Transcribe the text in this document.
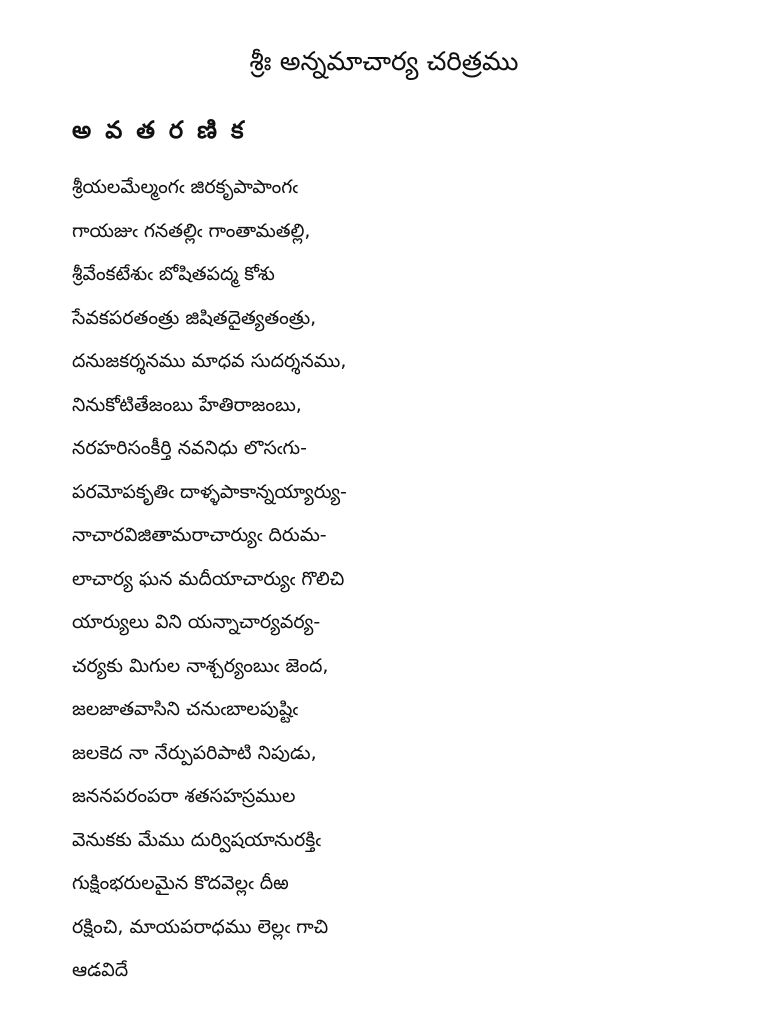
శ్రీః అన్నమాచార్య చరిత్రము
అవతరణిక
శ్రీయలమేల్మంగఁ జిరకృపాపాంగఁ
గాయజుఁ గనతల్లిఁ గాంతామతల్లి,
శ్రీవేంకటేశుఁ బోషితపద్మ కోశు
సేవకపరతంత్రు జిషితదైత్యతంత్రు,
దనుజకర్శనము మాధవ సుదర్శనము,
నినుకోటితేజంబు హేతిరాజంబు,
నరహరిసంకీర్తి నవనిధు లొసఁగు-
పరమోపకృతిఁ దాళ్ళపాకాన్నయ్యార్యు-
నాచారవిజితామరాచార్యుఁ దిరుమ-
లాచార్య ఘన మదీయాచార్యుఁ గొలిచి
యార్యులు విని యన్నాచార్యవర్య-
చర్యకు మిగుల నాశ్చర్యంబుఁ జెంద,
జలజాతవాసిని చనుఁబాలపుష్టిఁ
జలకెద నా నేర్పుపరిపాటి నిపుడు,
జననపరంపరా శతసహస్రముల
వెనుకకు మేము దుర్విషయానురక్తిఁ
గుక్షింభరులమైన కొదవెల్లఁ దీఱ
రక్షించి, మాయపరాధము లెల్లఁ గాచి
ఆడవిదే
